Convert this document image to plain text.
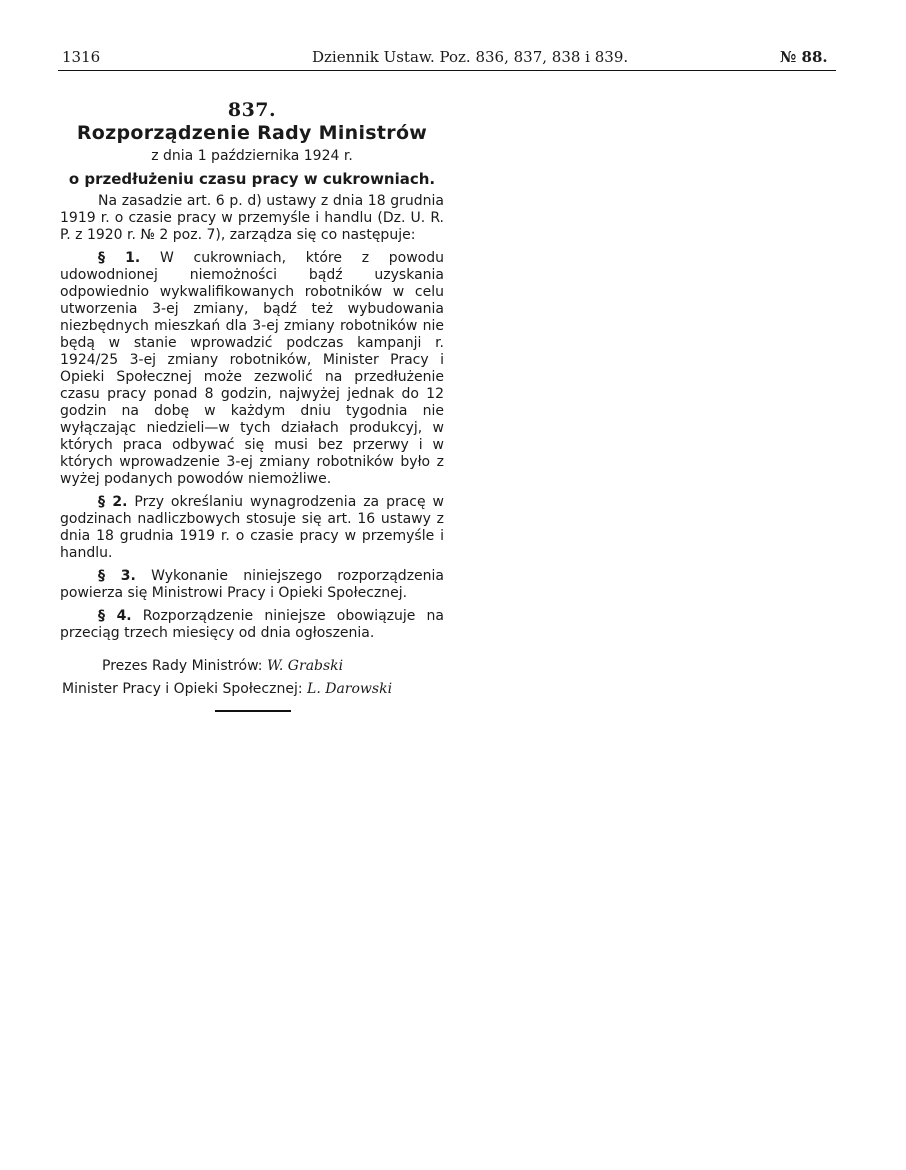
1316	Dziennik Ustaw. Poz. 836, 837, 838 i 839.	№ 88.
837.
Rozporządzenie Rady Ministrów
z dnia 1 października 1924 r.
o przedłużeniu czasu pracy w cukrowniach.

Na zasadzie art. 6 p. d) ustawy z dnia 18 grudnia 1919 r. o czasie pracy w przemyśle i handlu (Dz. U. R. P. z 1920 r. № 2 poz. 7), zarządza się co następuje:

§ 1. W cukrowniach, które z powodu udowodnionej niemożności bądź uzyskania odpowiednio wykwalifikowanych robotników w celu utworzenia 3-ej zmiany, bądź też wybudowania niezbędnych mieszkań dla 3-ej zmiany robotników nie będą w stanie wprowadzić podczas kampanji r. 1924/25 3-ej zmiany robotników, Minister Pracy i Opieki Społecznej może zezwolić na przedłużenie czasu pracy ponad 8 godzin, najwyżej jednak do 12 godzin na dobę w każdym dniu tygodnia nie wyłączając niedzieli—w tych działach produkcyj, w których praca odbywać się musi bez przerwy i w których wprowadzenie 3-ej zmiany robotników było z wyżej podanych powodów niemożliwe.

§ 2. Przy określaniu wynagrodzenia za pracę w godzinach nadliczbowych stosuje się art. 16 ustawy z dnia 18 grudnia 1919 r. o czasie pracy w przemyśle i handlu.

§ 3. Wykonanie niniejszego rozporządzenia powierza się Ministrowi Pracy i Opieki Społecznej.

§ 4. Rozporządzenie niniejsze obowiązuje na przeciąg trzech miesięcy od dnia ogłoszenia.

Prezes Rady Ministrów: W. Grabski
Minister Pracy i Opieki Społecznej: L. Darowski
